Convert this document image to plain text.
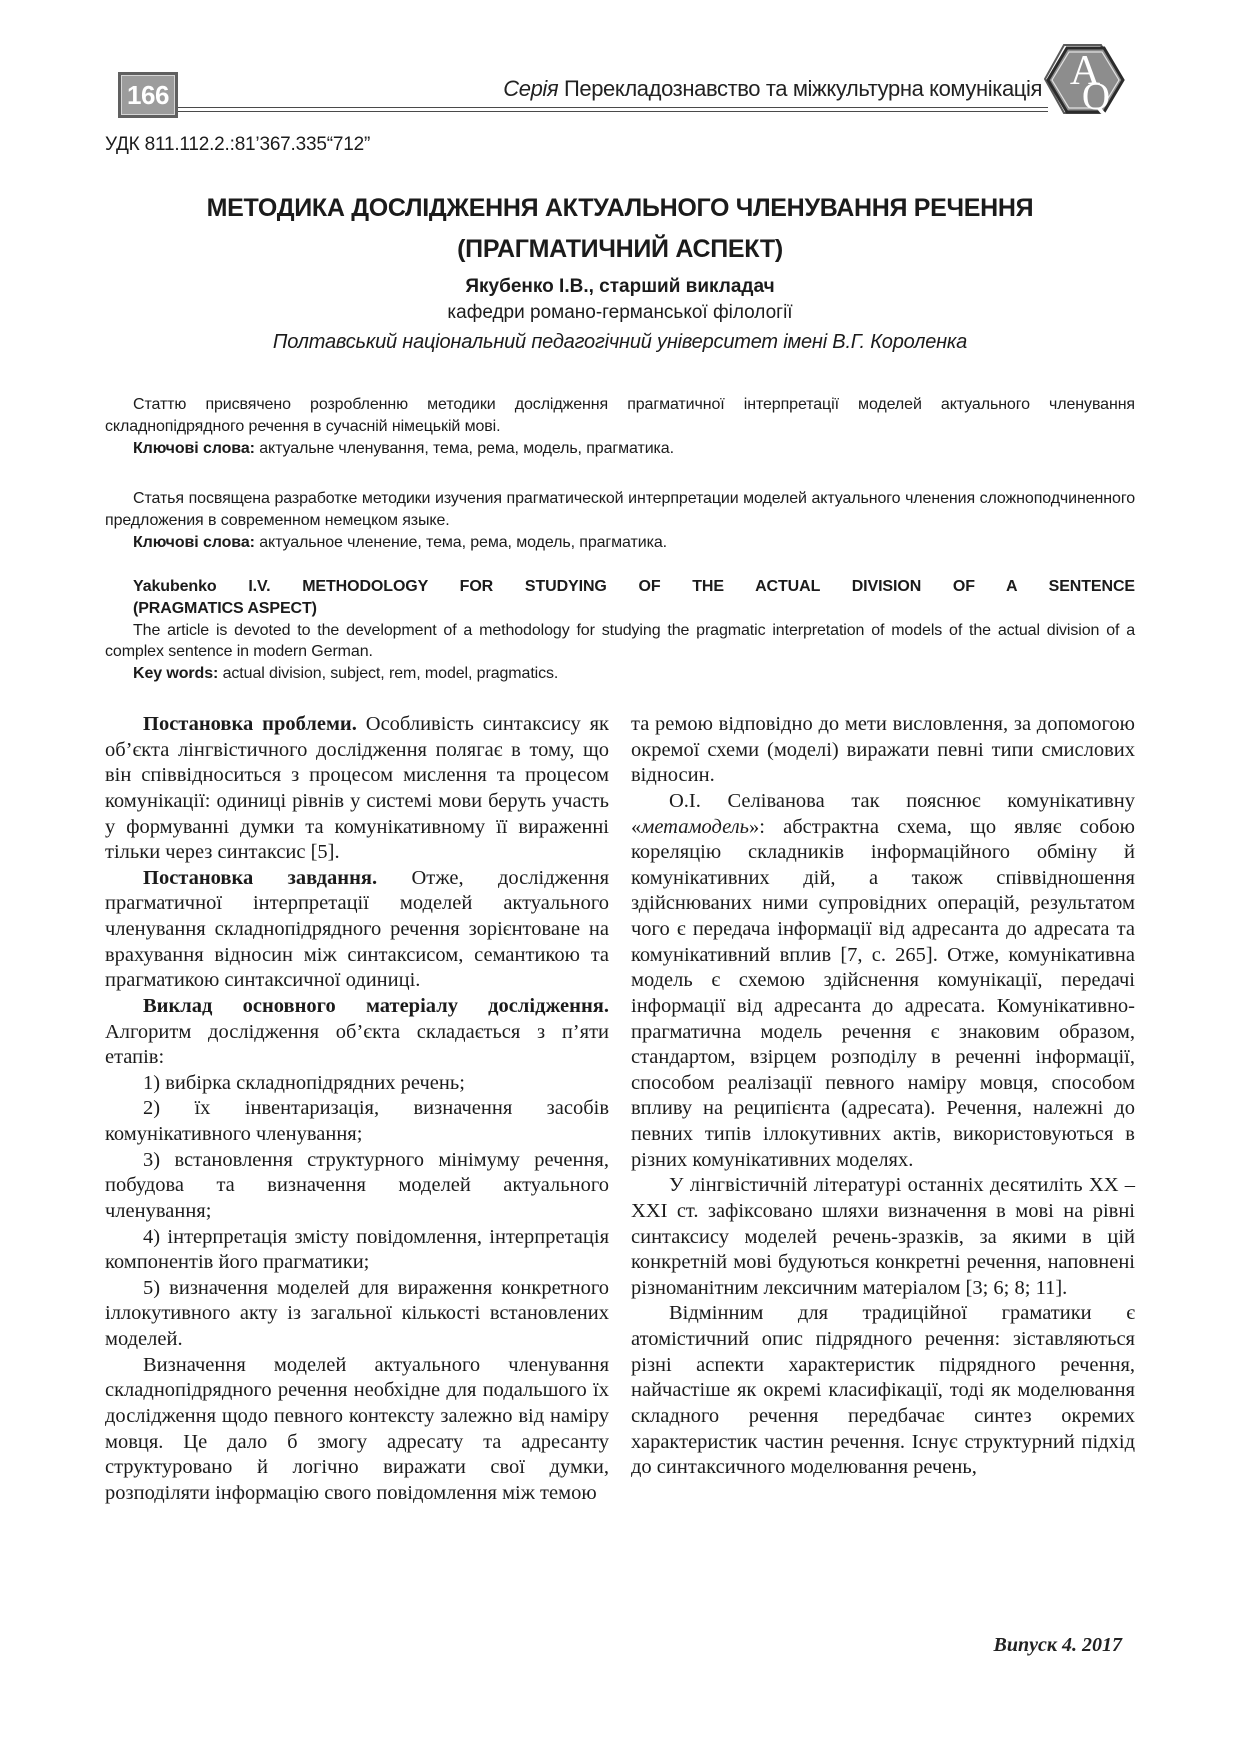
166	Серія Перекладознавство та міжкультурна комунікація A
Q
УДК 811.112.2.:81’367.335“712”
МЕТОДИКА ДОСЛІДЖЕННЯ АКТУАЛЬНОГО ЧЛЕНУВАННЯ РЕЧЕННЯ
(ПРАГМАТИЧНИЙ АСПЕКТ)
Якубенко І.В., старший викладач
кафедри романо-германської філології
Полтавський національний педагогічний університет імені В.Г. Короленка

Статтю присвячено розробленню методики дослідження прагматичної інтерпретації моделей актуального членування складнопідрядного речення в сучасній німецькій мові.

Ключові слова: актуальне членування, тема, рема, модель, прагматика.

Статья посвящена разработке методики изучения прагматической интерпретации моделей актуального членения сложноподчиненного предложения в современном немецком языке.

Ключові слова: актуальное членение, тема, рема, модель, прагматика.

Yakubenko I.V. METHODOLOGY FOR STUDYING OF THE ACTUAL DIVISION OF A SENTENCE

(PRAGMATICS ASPECT)

The article is devoted to the development of a methodology for studying the pragmatic interpretation of models of the actual division of a complex sentence in modern German.

Key words: actual division, subject, rem, model, pragmatics.

Постановка проблеми. Особливість синтаксису як об’єкта лінгвістичного дослідження полягає в тому, що він співвідноситься з процесом мислення та процесом комунікації: одиниці рівнів у системі мови беруть участь у формуванні думки та комунікативному її вираженні тільки через синтаксис [5].

Постановка завдання. Отже, дослідження прагматичної інтерпретації моделей актуального членування складнопідрядного речення зорієнтоване на врахування відносин між синтаксисом, семантикою та прагматикою синтаксичної одиниці.

Виклад основного матеріалу дослідження. Алгоритм дослідження об’єкта складається з п’яти етапів:

1) вибірка складнопідрядних речень;

2) їх інвентаризація, визначення засобів комунікативного членування;

3) встановлення структурного мінімуму речення, побудова та визначення моделей актуального членування;

4) інтерпретація змісту повідомлення, інтерпретація компонентів його прагматики;

5) визначення моделей для вираження конкретного іллокутивного акту із загальної кількості встановлених моделей.

Визначення моделей актуального членування складнопідрядного речення необхідне для подальшого їх дослідження щодо певного контексту залежно від наміру мовця. Це дало б змогу адресату та адресанту структуровано й логічно виражати свої думки, розподіляти інформацію свого повідомлення між темою

та ремою відповідно до мети висловлення, за допомогою окремої схеми (моделі) виражати певні типи смислових відносин.

О.І. Селіванова так пояснює комунікативну «метамодель»: абстрактна схема, що являє собою кореляцію складників інформаційного обміну й комунікативних дій, а також співвідношення здійснюваних ними супровідних операцій, результатом чого є передача інформації від адресанта до адресата та комунікативний вплив [7, с. 265]. Отже, комунікативна модель є схемою здійснення комунікації, передачі інформації від адресанта до адресата. Комунікативно-прагматична модель речення є знаковим образом, стандартом, взірцем розподілу в реченні інформації, способом реалізації певного наміру мовця, способом впливу на реципієнта (адресата). Речення, належні до певних типів іллокутивних актів, використовуються в різних комунікативних моделях.

У лінгвістичній літературі останніх десятиліть ХХ – ХХІ ст. зафіксовано шляхи визначення в мові на рівні синтаксису моделей речень-зразків, за якими в цій конкретній мові будуються конкретні речення, наповнені різноманітним лексичним матеріалом [3; 6; 8; 11].

Відмінним для традиційної граматики є атомістичний опис підрядного речення: зіставляються різні аспекти характеристик підрядного речення, найчастіше як окремі класифікації, тоді як моделювання складного речення передбачає синтез окремих характеристик частин речення. Існує структурний підхід до синтаксичного моделювання речень,

Випуск 4. 2017
